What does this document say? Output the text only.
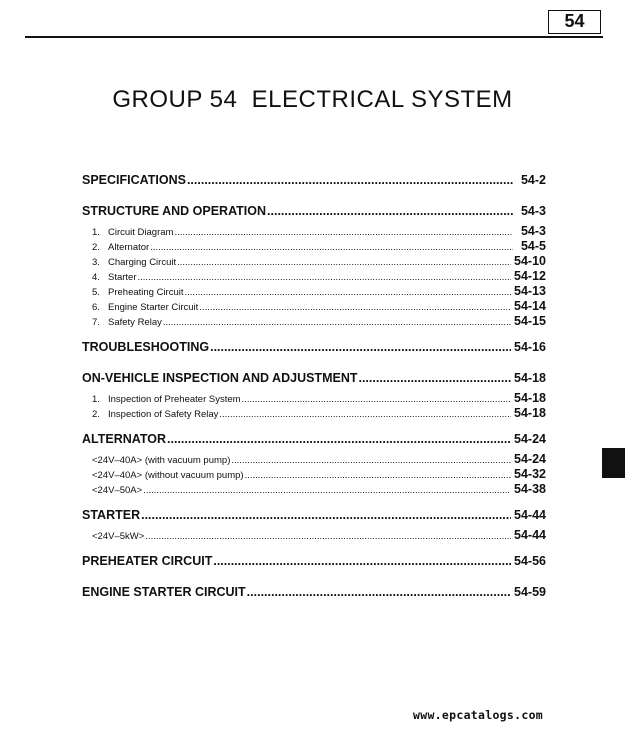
54
GROUP 54  ELECTRICAL SYSTEM
SPECIFICATIONS .....	54-2
STRUCTURE AND OPERATION .....	54-3
1. Circuit Diagram .....	54-3
2. Alternator .....	54-5
3. Charging Circuit .....	54-10
4. Starter .....	54-12
5. Preheating Circuit .....	54-13
6. Engine Starter Circuit .....	54-14
7. Safety Relay .....	54-15
TROUBLESHOOTING .....	54-16
ON-VEHICLE INSPECTION AND ADJUSTMENT .....	54-18
1. Inspection of Preheater System .....	54-18
2. Inspection of Safety Relay .....	54-18
ALTERNATOR .....	54-24
<24V–40A> (with vacuum pump) .....	54-24
<24V–40A> (without vacuum pump) .....	54-32
<24V–50A> .....	54-38
STARTER .....	54-44
<24V–5kW> .....	54-44
PREHEATER CIRCUIT .....	54-56
ENGINE STARTER CIRCUIT .....	54-59
www.epcatalogs.com
